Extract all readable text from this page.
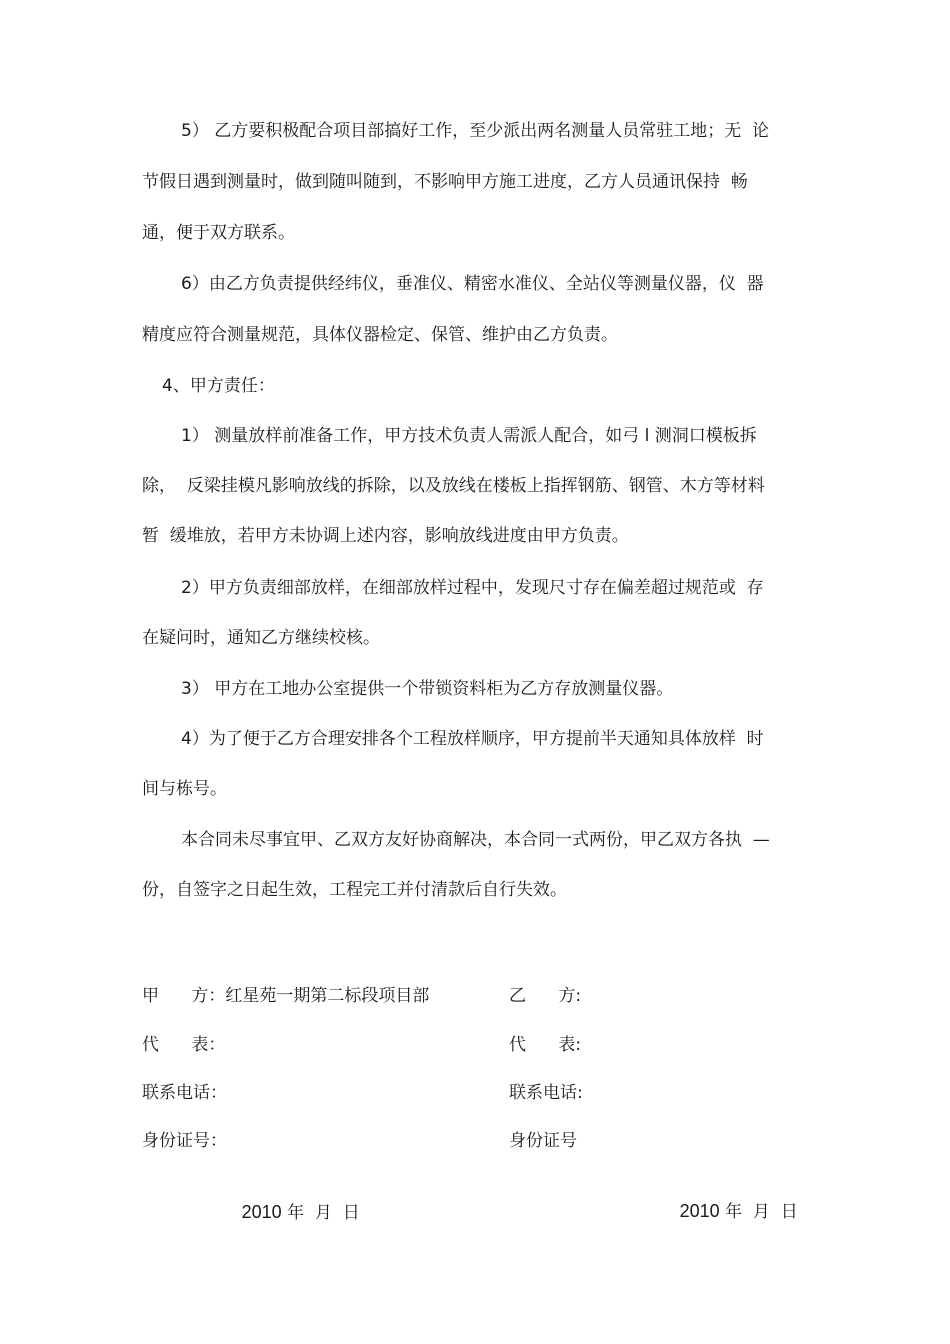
5） 乙方要积极配合项目部搞好工作，至少派出两名测量人员常驻工地；无  论
节假日遇到测量时，做到随叫随到，不影响甲方施工进度，乙方人员通讯保持  畅
通，便于双方联系。
6）由乙方负责提供经纬仪，垂准仪、精密水准仪、全站仪等测量仪器，仪  器
精度应符合测量规范，具体仪器检定、保管、维护由乙方负责。
4、甲方责任：
1） 测量放样前准备工作，甲方技术负责人需派人配合，如弓 l 测洞口模板拆
除，  反梁挂模凡影响放线的拆除，以及放线在楼板上指挥钢筋、钢管、木方等材料
暂  缓堆放，若甲方未协调上述内容，影响放线进度由甲方负责。
2）甲方负责细部放样，在细部放样过程中，发现尺寸存在偏差超过规范或  存
在疑问时，通知乙方继续校核。
3） 甲方在工地办公室提供一个带锁资料柜为乙方存放测量仪器。
4）为了便于乙方合理安排各个工程放样顺序，甲方提前半天通知具体放样  时
间与栋号。
本合同未尽事宜甲、乙双方友好协商解决，本合同一式两份，甲乙双方各执  —
份，自签字之日起生效，工程完工并付清款后自行失效。
甲      方：红星苑一期第二标段项目部
代      表：
联系电话：
身份证号：
乙      方:
代      表:
联系电话:
身份证号

2010 年  月  日
	2010 年  月  日
